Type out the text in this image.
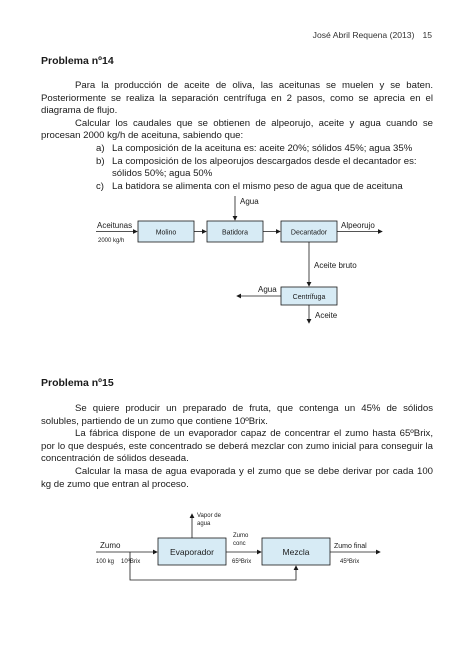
José Abril Requena (2013) 15
Problema nº14

Para la producción de aceite de oliva, las aceitunas se muelen y se baten. Posteriormente se realiza la separación centrífuga en 2 pasos, como se aprecia en el diagrama de flujo.

Calcular los caudales que se obtienen de alpeorujo, aceite y agua cuando se procesan 2000 kg/h de aceituna, sabiendo que:

a) La composición de la aceituna es: aceite 20%; sólidos 45%; agua 35%
b) La composición de los alpeorujos descargados desde el decantador es: sólidos 50%; agua 50%
c) La batidora se alimenta con el mismo peso de agua que de aceituna
Molino	Batidora	Decantador
Centrífuga
Aceitunas
2000 kg/h
Agua
Alpeorujo
Aceite bruto
Agua
Aceite
Problema nº15

Se quiere producir un preparado de fruta, que contenga un 45% de sólidos solubles, partiendo de un zumo que contiene 10ºBrix.

La fábrica dispone de un evaporador capaz de concentrar el zumo hasta 65ºBrix, por lo que después, este concentrado se deberá mezclar con zumo inicial para conseguir la concentración de sólidos deseada.

Calcular la masa de agua evaporada y el zumo que se debe derivar por cada 100 kg de zumo que entran al proceso.

Evaporador	Mezcla
Vapor de
agua
Zumo
100 kg 10ºBrix
Zumo
conc
65ºBrix
Zumo final
45ºBrix
